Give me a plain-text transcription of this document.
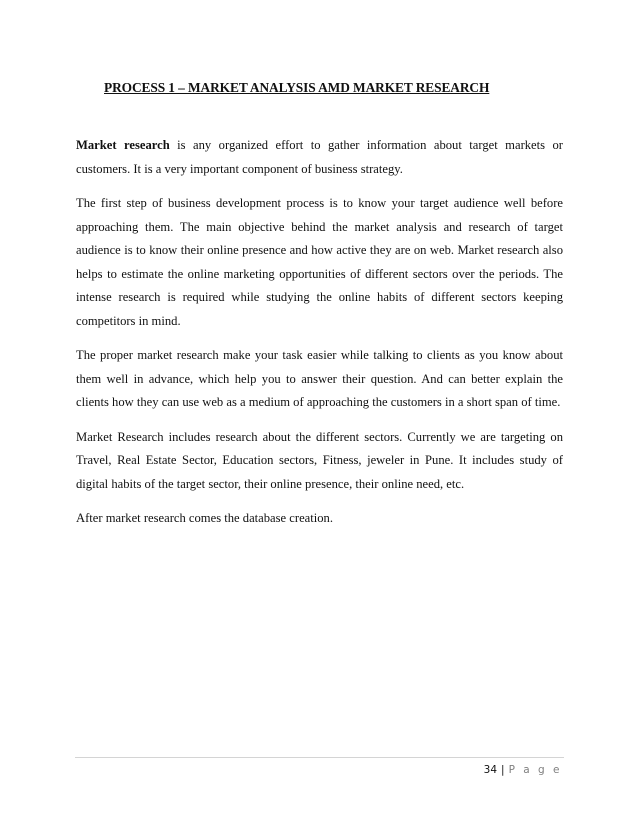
PROCESS 1 – MARKET ANALYSIS AMD MARKET RESEARCH

Market research is any organized effort to gather information about target markets or customers. It is a very important component of business strategy.

The first step of business development process is to know your target audience well before approaching them. The main objective behind the market analysis and research of target audience is to know their online presence and how active they are on web. Market research also helps to estimate the online marketing opportunities of different sectors over the periods. The intense research is required while studying the online habits of different sectors keeping competitors in mind.

The proper market research make your task easier while talking to clients as you know about them well in advance, which help you to answer their question. And can better explain the clients how they can use web as a medium of approaching the customers in a short span of time.

Market Research includes research about the different sectors. Currently we are targeting on Travel, Real Estate Sector, Education sectors, Fitness, jeweler in Pune. It includes study of digital habits of the target sector, their online presence, their online need, etc.

After market research comes the database creation.

34 | P a g e
